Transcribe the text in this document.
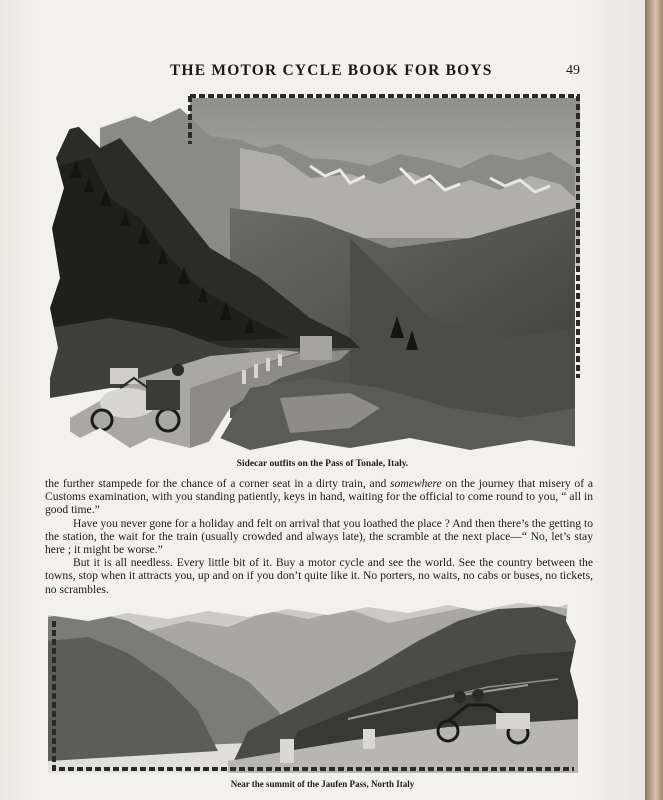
THE MOTOR CYCLE BOOK FOR BOYS	49
Sidecar outfits on the Pass of Tonale, Italy.

the further stampede for the chance of a corner seat in a dirty train, and somewhere on the journey that misery of a Customs examination, with you standing patiently, keys in hand, waiting for the official to come round to you, “ all in good time.”

Have you never gone for a holiday and felt on arrival that you loathed the place ? And then there’s the getting to the station, the wait for the train (usually crowded and always late), the scramble at the next place—“ No, let’s stay here ; it might be worse.”

But it is all needless. Every little bit of it. Buy a motor cycle and see the world. See the country between the towns, stop when it attracts you, up and on if you don’t quite like it. No porters, no waits, no cabs or buses, no tickets, no scrambles.

Near the summit of the Jaufen Pass, North Italy
